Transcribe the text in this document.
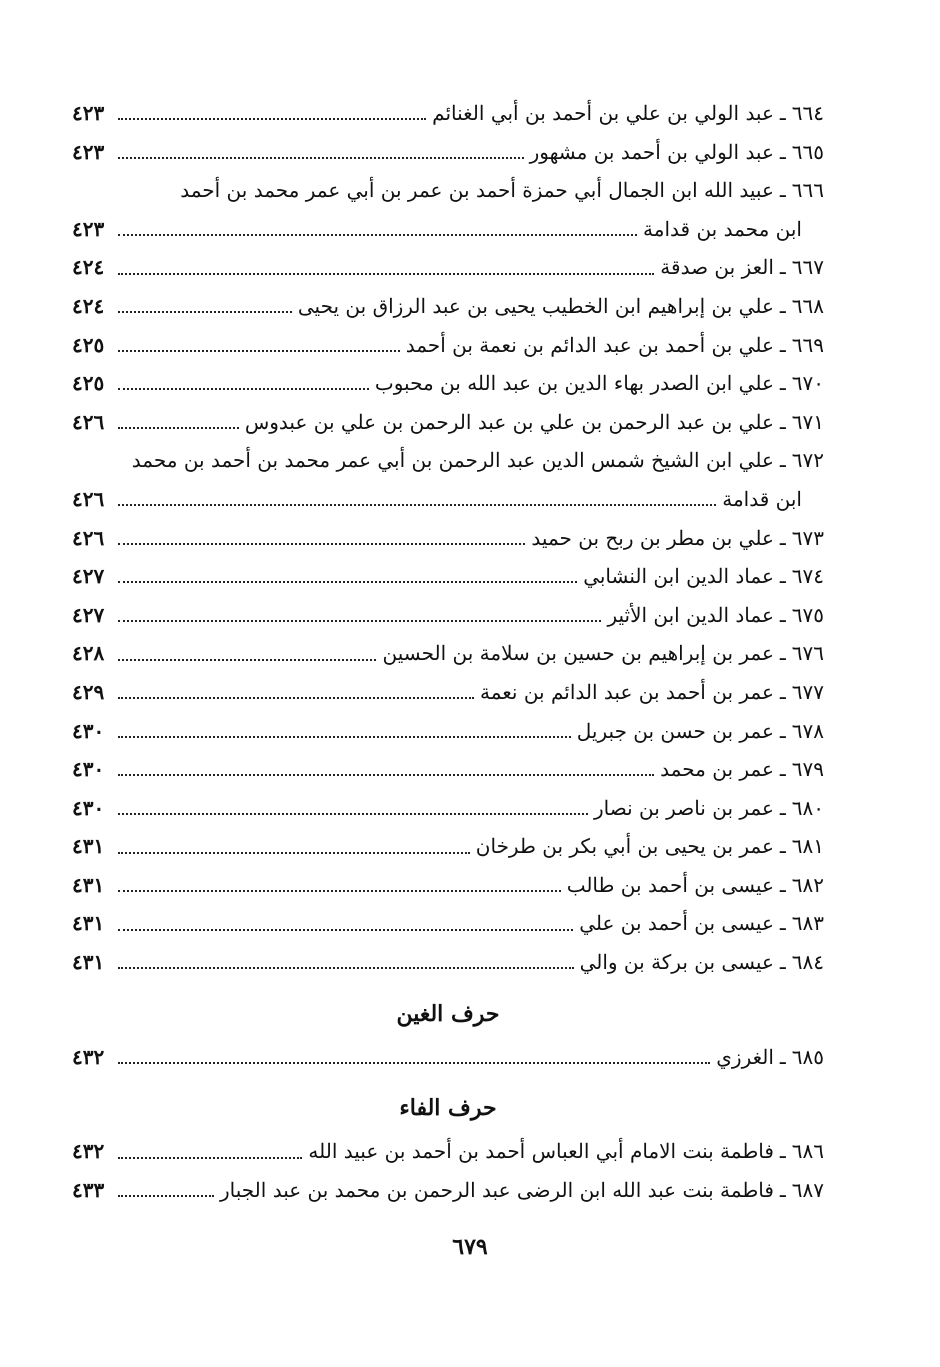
٦٦٤
ـ
عبد الولي بن علي بن أحمد بن أبي الغنائم
٤٢٣
٦٦٥
ـ
عبد الولي بن أحمد بن مشهور
٤٢٣
٦٦٦
ـ
عبيد الله ابن الجمال أبي حمزة أحمد بن عمر بن أبي عمر محمد بن أحمد
ابن محمد بن قدامة
٤٢٣
٦٦٧
ـ
العز بن صدقة
٤٢٤
٦٦٨
ـ
علي بن إبراهيم ابن الخطيب يحيى بن عبد الرزاق بن يحيى
٤٢٤
٦٦٩
ـ
علي بن أحمد بن عبد الدائم بن نعمة بن أحمد
٤٢٥
٦٧٠
ـ
علي ابن الصدر بهاء الدين بن عبد الله بن محبوب
٤٢٥
٦٧١
ـ
علي بن عبد الرحمن بن علي بن عبد الرحمن بن علي بن عبدوس
٤٢٦
٦٧٢
ـ
علي ابن الشيخ شمس الدين عبد الرحمن بن أبي عمر محمد بن أحمد بن محمد
ابن قدامة
٤٢٦
٦٧٣
ـ
علي بن مطر بن ربح بن حميد
٤٢٦
٦٧٤
ـ
عماد الدين ابن النشابي
٤٢٧
٦٧٥
ـ
عماد الدين ابن الأثير
٤٢٧
٦٧٦
ـ
عمر بن إبراهيم بن حسين بن سلامة بن الحسين
٤٢٨
٦٧٧
ـ
عمر بن أحمد بن عبد الدائم بن نعمة
٤٢٩
٦٧٨
ـ
عمر بن حسن بن جبريل
٤٣٠
٦٧٩
ـ
عمر بن محمد
٤٣٠
٦٨٠
ـ
عمر بن ناصر بن نصار
٤٣٠
٦٨١
ـ
عمر بن يحيى بن أبي بكر بن طرخان
٤٣١
٦٨٢
ـ
عيسى بن أحمد بن طالب
٤٣١
٦٨٣
ـ
عيسى بن أحمد بن علي
٤٣١
٦٨٤
ـ
عيسى بن بركة بن والي
٤٣١
حرف الغين
٦٨٥
ـ
الغرزي
٤٣٢
حرف الفاء
٦٨٦
ـ
فاطمة بنت الامام أبي العباس أحمد بن أحمد بن عبيد الله
٤٣٢
٦٨٧
ـ
فاطمة بنت عبد الله ابن الرضى عبد الرحمن بن محمد بن عبد الجبار
٤٣٣
٦٧٩
